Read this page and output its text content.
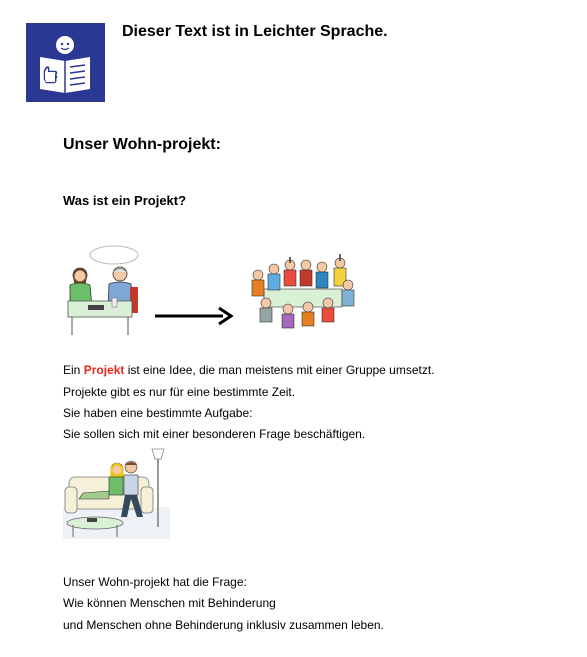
Dieser Text ist in Leichter Sprache.
Unser Wohn-projekt:
Was ist ein Projekt?
Ein Projekt ist eine Idee, die man meistens mit einer Gruppe umsetzt.
Projekte gibt es nur für eine bestimmte Zeit.
Sie haben eine bestimmte Aufgabe:
Sie sollen sich mit einer besonderen Frage beschäftigen.
Unser Wohn-projekt hat die Frage:
Wie können Menschen mit Behinderung
und Menschen ohne Behinderung inklusiv zusammen leben.
